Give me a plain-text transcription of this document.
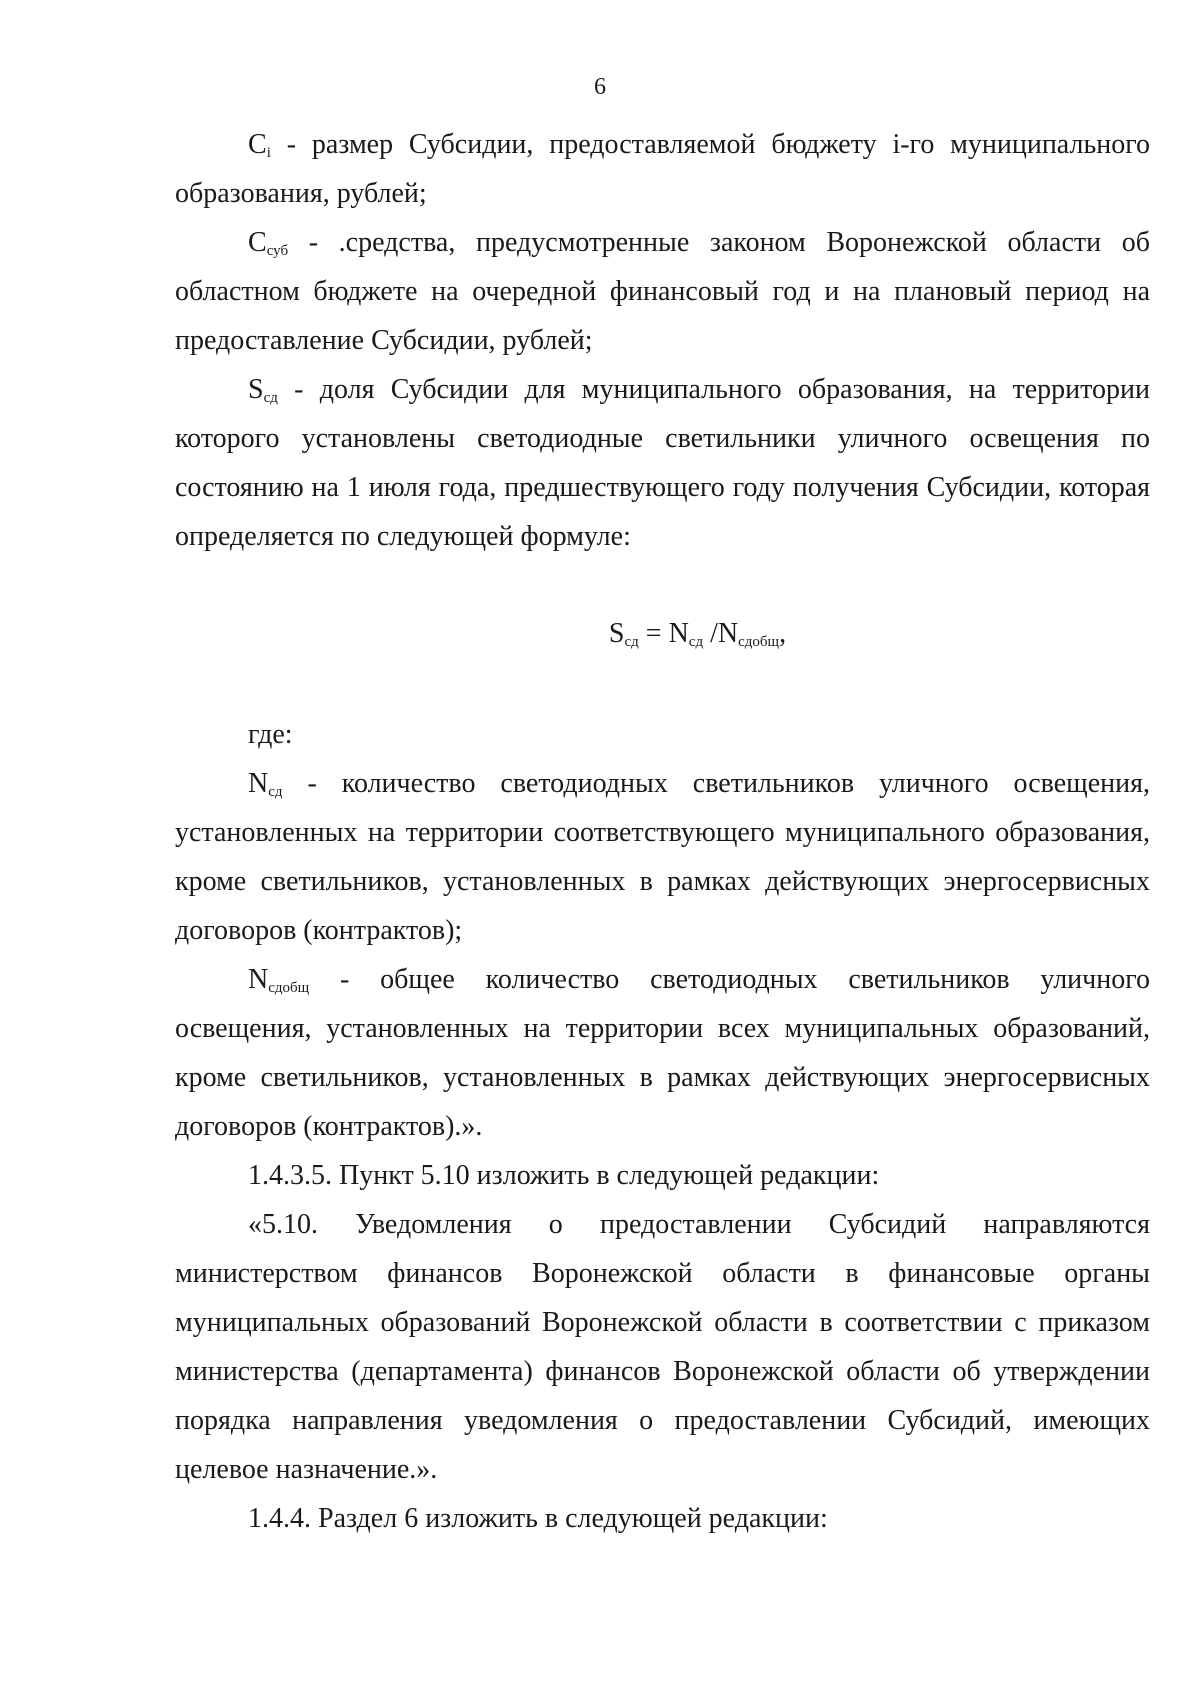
6

$C_i$ - размер Субсидии, предоставляемой бюджету i-го муниципального образования, рублей;

$C_{суб}$ - .средства, предусмотренные законом Воронежской области об областном бюджете на очередной финансовый год и на плановый период на предоставление Субсидии, рублей;

$S_{сд}$ - доля Субсидии для муниципального образования, на территории которого установлены светодиодные светильники уличного освещения по состоянию на 1 июля года, предшествующего году получения Субсидии, которая определяется по следующей формуле:

$S_{сд} = N_{сд}$ $/N_{сдобщ}$,

где:

$N_{сд}$ - количество светодиодных светильников уличного освещения, установленных на территории соответствующего муниципального образования, кроме светильников, установленных в рамках действующих энергосервисных договоров (контрактов);

$N_{сдобщ}$ - общее количество светодиодных светильников уличного освещения, установленных на территории всех муниципальных образований, кроме светильников, установленных в рамках действующих энергосервисных договоров (контрактов).».

1.4.3.5. Пункт 5.10 изложить в следующей редакции:

«5.10. Уведомления о предоставлении Субсидий направляются министерством финансов Воронежской области в финансовые органы муниципальных образований Воронежской области в соответствии с приказом министерства (департамента) финансов Воронежской области об утверждении порядка направления уведомления о предоставлении Субсидий, имеющих целевое назначение.».

1.4.4. Раздел 6 изложить в следующей редакции:
